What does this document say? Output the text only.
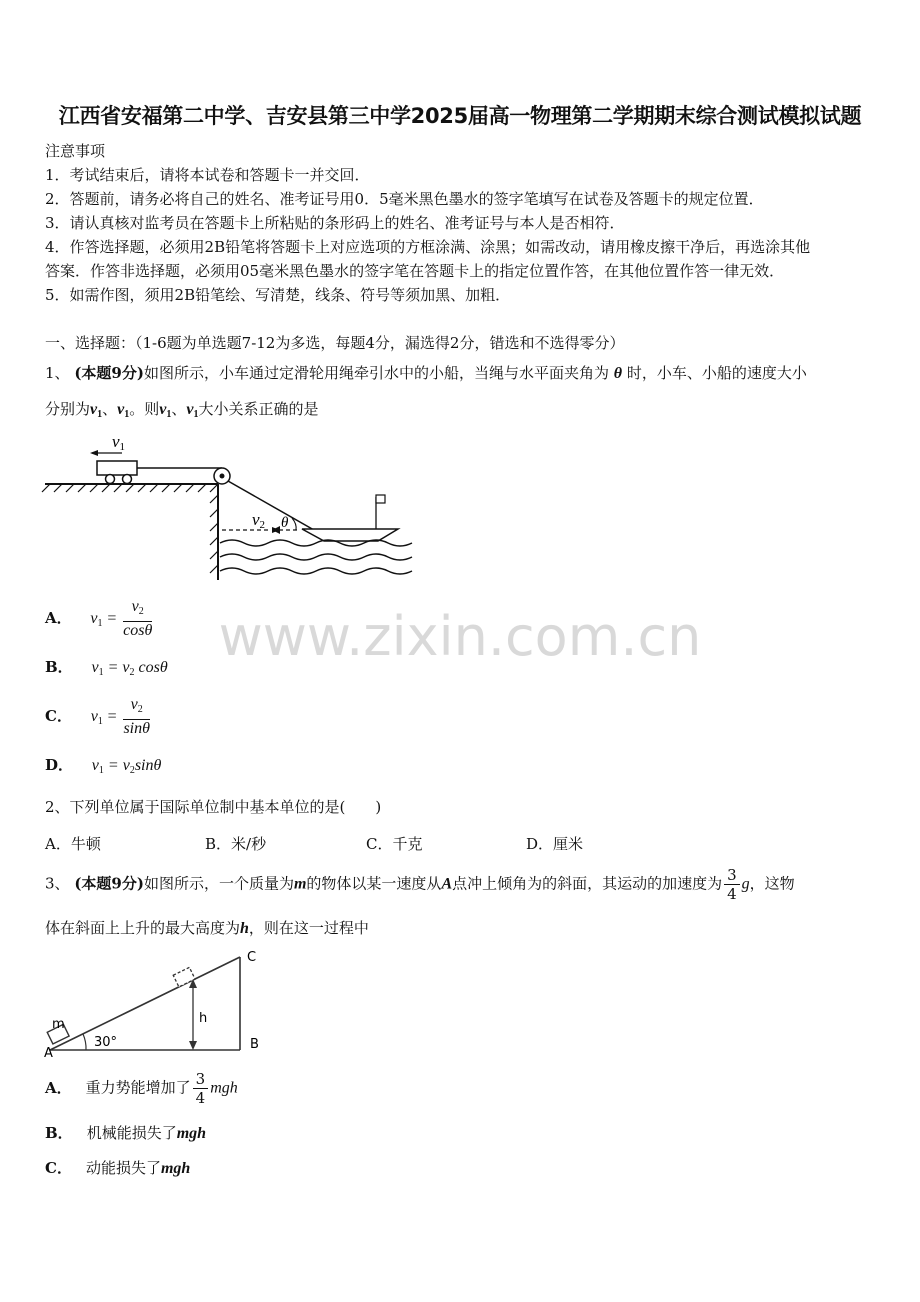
www.zixin.com.cn
江西省安福第二中学、吉安县第三中学2025届高一物理第二学期期末综合测试模拟试题
注意事项
1．考试结束后，请将本试卷和答题卡一并交回．
2．答题前，请务必将自己的姓名、准考证号用0．5毫米黑色墨水的签字笔填写在试卷及答题卡的规定位置．
3．请认真核对监考员在答题卡上所粘贴的条形码上的姓名、准考证号与本人是否相符．
4．作答选择题，必须用2B铅笔将答题卡上对应选项的方框涂满、涂黑；如需改动，请用橡皮擦干净后，再选涂其他
答案．作答非选择题，必须用05毫米黑色墨水的签字笔在答题卡上的指定位置作答，在其他位置作答一律无效．
5．如需作图，须用2B铅笔绘、写清楚，线条、符号等须加黑、加粗．
一、选择题：（1-6题为单选题7-12为多选，每题4分，漏选得2分，错选和不选得零分）
1、 (本题9分)如图所示，小车通过定滑轮用绳牵引水中的小船，当绳与水平面夹角为 θ 时，小车、小船的速度大小
分别为$v_1$、$v_1$。则$v_1$、$v_1$大小关系正确的是
v1
v2 θ
A． $v_1 = \frac{v_2}{\cos\theta}$
B． $v_1 = v_2$ cosθ
C． $v_1 = \frac{v_2}{\sin\theta}$
D． $v_1 = v_2\sin\theta$
2、下列单位属于国际单位制中基本单位的是(　　)
A．牛顿	B．米/秒	C．千克	D．厘米
3、 (本题9分)如图所示，一个质量为m的物体以某一速度从A点冲上倾角为的斜面，其运动的加速度为 $\frac{3}{4}$ g，这物
体在斜面上上升的最大高度为h，则在这一过程中
m
A
B
C
h
30°
A． 重力势能增加了 $\frac{3}{4}$ mgh
B． 机械能损失了mgh
C． 动能损失了mgh
